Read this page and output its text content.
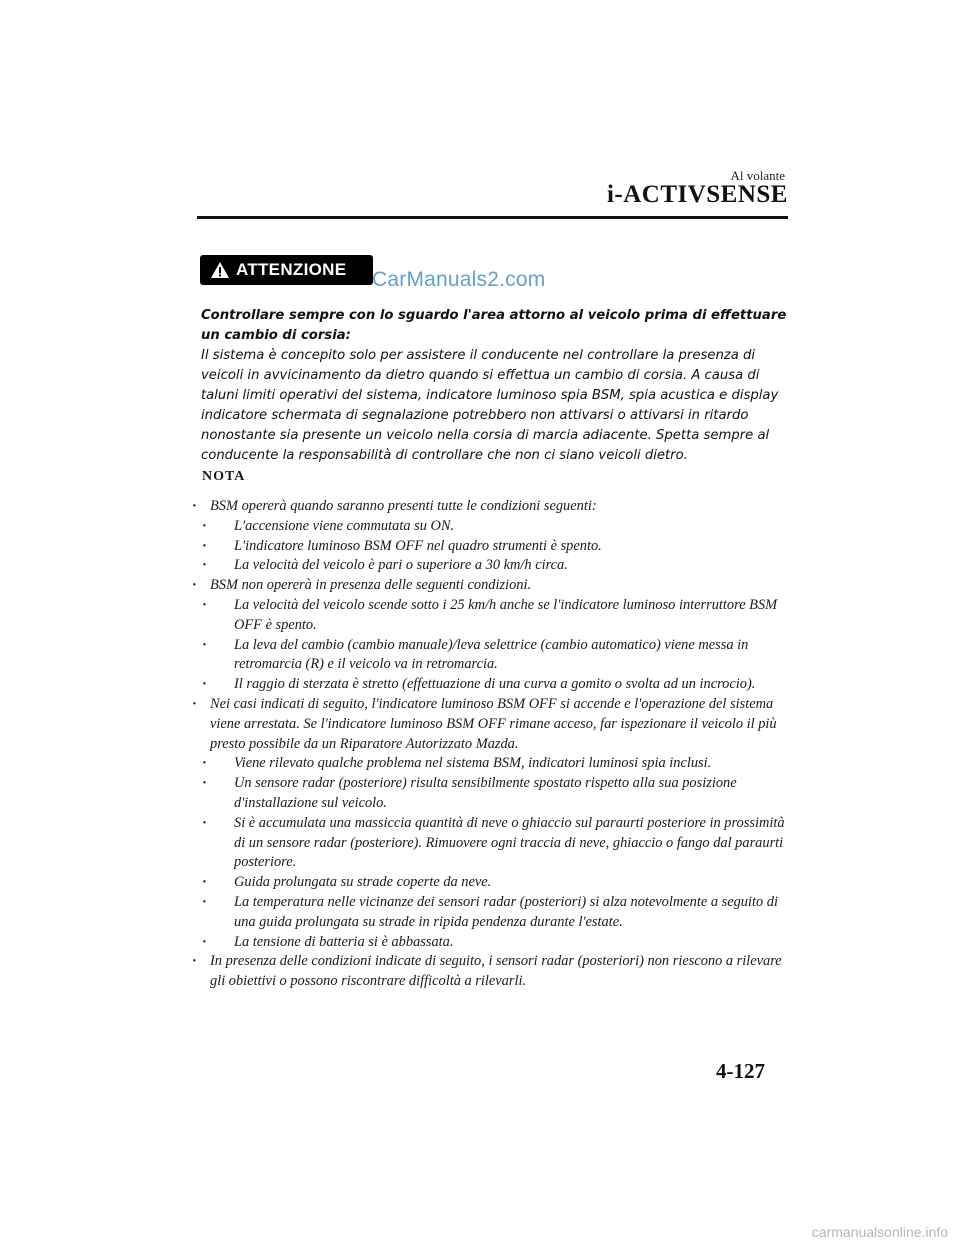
Al volante
i-ACTIVSENSE
ATTENZIONE CarManuals2.com

Controllare sempre con lo sguardo l'area attorno al veicolo prima di effettuare un cambio di corsia:

Il sistema è concepito solo per assistere il conducente nel controllare la presenza di veicoli in avvicinamento da dietro quando si effettua un cambio di corsia. A causa di taluni limiti operativi del sistema, indicatore luminoso spia BSM, spia acustica e display indicatore schermata di segnalazione potrebbero non attivarsi o attivarsi in ritardo nonostante sia presente un veicolo nella corsia di marcia adiacente. Spetta sempre al conducente la responsabilità di controllare che non ci siano veicoli dietro.

NOTA
· BSM opererà quando saranno presenti tutte le condizioni seguenti:
· L'accensione viene commutata su ON.
· L'indicatore luminoso BSM OFF nel quadro strumenti è spento.
· La velocità del veicolo è pari o superiore a 30 km/h circa.
· BSM non opererà in presenza delle seguenti condizioni.
· La velocità del veicolo scende sotto i 25 km/h anche se l'indicatore luminoso interruttore BSM OFF è spento.
· La leva del cambio (cambio manuale)/leva selettrice (cambio automatico) viene messa in retromarcia (R) e il veicolo va in retromarcia.
· Il raggio di sterzata è stretto (effettuazione di una curva a gomito o svolta ad un incrocio).
· Nei casi indicati di seguito, l'indicatore luminoso BSM OFF si accende e l'operazione del sistema viene arrestata. Se l'indicatore luminoso BSM OFF rimane acceso, far ispezionare il veicolo il più presto possibile da un Riparatore Autorizzato Mazda.
· Viene rilevato qualche problema nel sistema BSM, indicatori luminosi spia inclusi.
· Un sensore radar (posteriore) risulta sensibilmente spostato rispetto alla sua posizione d'installazione sul veicolo.
· Si è accumulata una massiccia quantità di neve o ghiaccio sul paraurti posteriore in prossimità di un sensore radar (posteriore). Rimuovere ogni traccia di neve, ghiaccio o fango dal paraurti posteriore.
· Guida prolungata su strade coperte da neve.
· La temperatura nelle vicinanze dei sensori radar (posteriori) si alza notevolmente a seguito di una guida prolungata su strade in ripida pendenza durante l'estate.
· La tensione di batteria si è abbassata.
· In presenza delle condizioni indicate di seguito, i sensori radar (posteriori) non riescono a rilevare gli obiettivi o possono riscontrare difficoltà a rilevarli.
4-127
carmanualsonline.info
